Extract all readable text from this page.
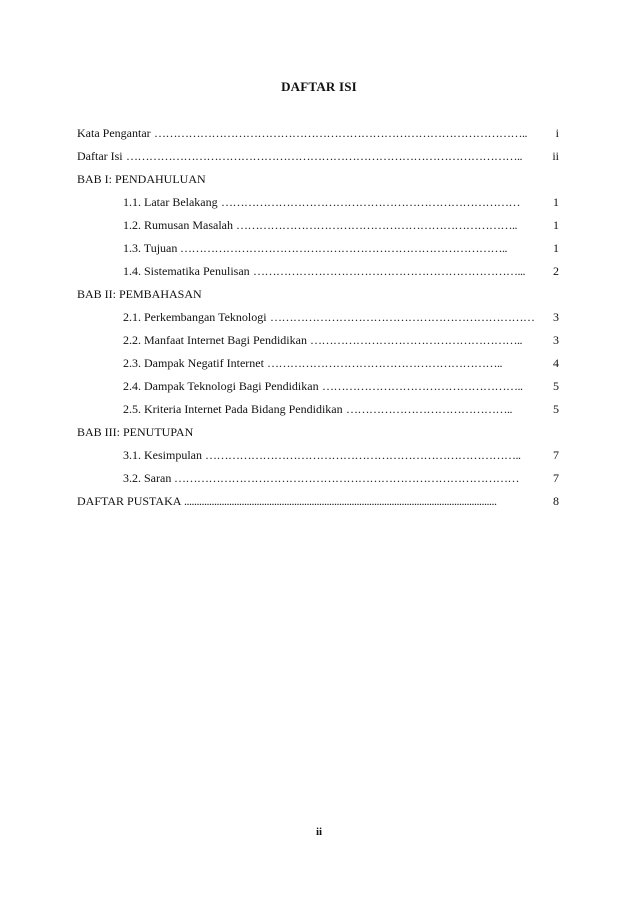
DAFTAR ISI
Kata Pengantar ……………………………………………………………………………………..	i
Daftar Isi …………………………………………………………………………………………..	ii
BAB I: PENDAHULUAN
1.1. Latar Belakang ……………………………………………………………………	1
1.2. Rumusan Masalah ………………………………………………………………..	1
1.3. Tujuan …………………………………………………………………………..	1
1.4. Sistematika Penulisan ……………………………………………………………...	2
BAB II: PEMBAHASAN
2.1. Perkembangan Teknologi ……………………………………………………………	3
2.2. Manfaat Internet Bagi Pendidikan ………………………………………………..	3
2.3. Dampak Negatif Internet ……………………………………………………..	4
2.4. Dampak Teknologi Bagi Pendidikan ……………………………………………..	5
2.5. Kriteria Internet Pada Bidang Pendidikan ……………………………………..	5
BAB III: PENUTUPAN
3.1. Kesimpulan ………………………………………………………………………..	7
3.2. Saran ………………………………………………………………………………	7
DAFTAR PUSTAKA .............................................................................................................................	8
ii
